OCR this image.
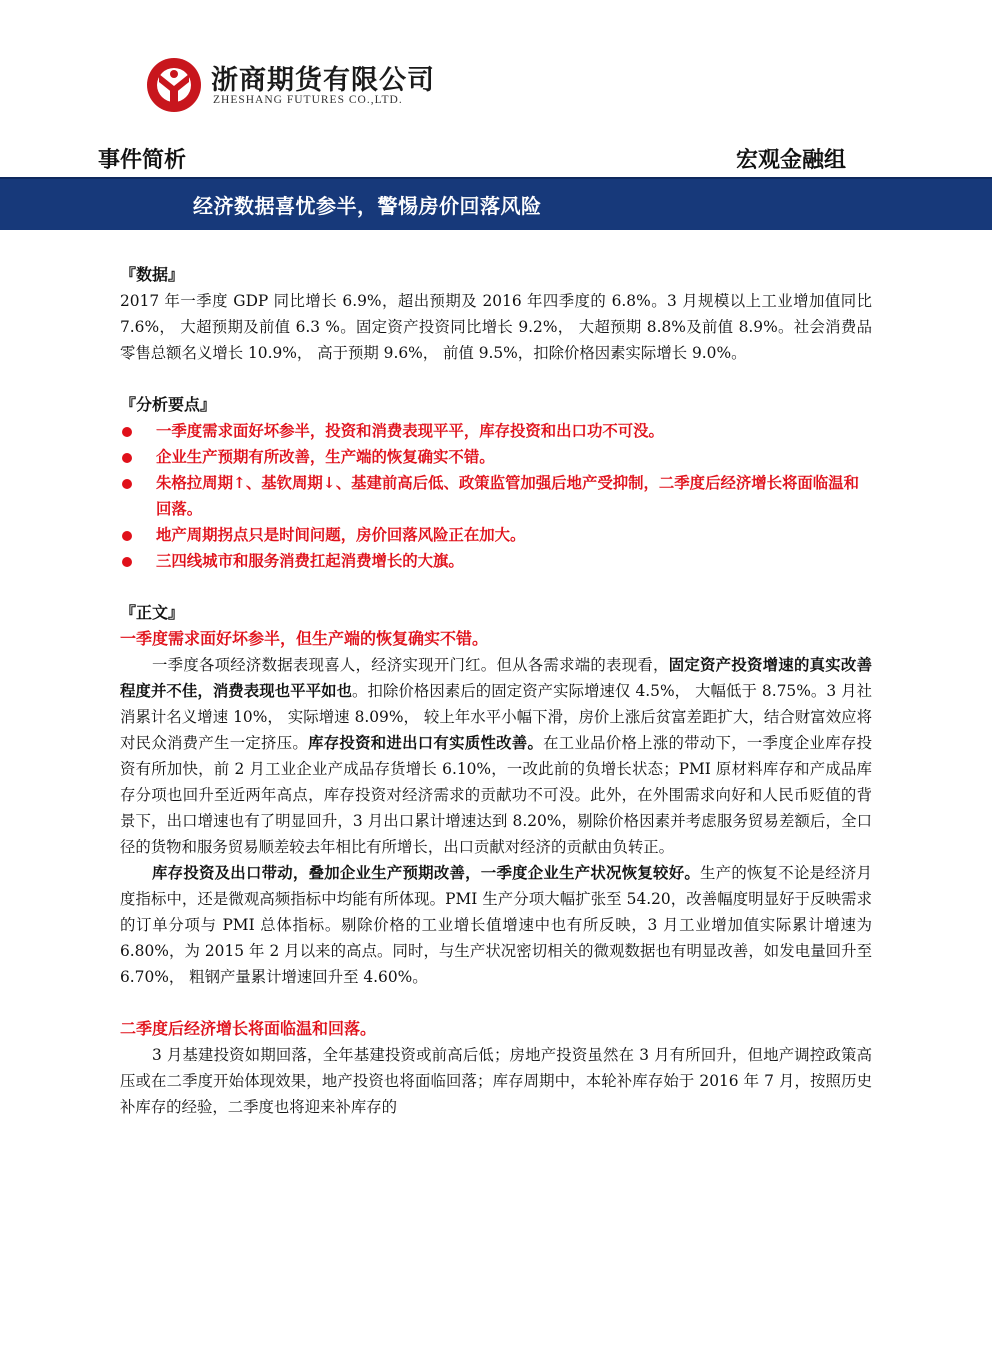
浙商期货有限公司
ZHESHANG FUTURES CO.,LTD.
事件简析	宏观金融组
经济数据喜忧参半，警惕房价回落风险
『数据』

2017 年一季度 GDP 同比增长 6.9%，超出预期及 2016 年四季度的 6.8%。3 月规模以上工业增加值同比 7.6%， 大超预期及前值 6.3 %。固定资产投资同比增长 9.2%， 大超预期 8.8%及前值 8.9%。社会消费品零售总额名义增长 10.9%， 高于预期 9.6%， 前值 9.5%，扣除价格因素实际增长 9.0%。

『分析要点』
一季度需求面好坏参半，投资和消费表现平平，库存投资和出口功不可没。
企业生产预期有所改善，生产端的恢复确实不错。
朱格拉周期↑、基钦周期↓、基建前高后低、政策监管加强后地产受抑制，二季度后经济增长将面临温和回落。
地产周期拐点只是时间问题，房价回落风险正在加大。
三四线城市和服务消费扛起消费增长的大旗。
『正文』
一季度需求面好坏参半，但生产端的恢复确实不错。

一季度各项经济数据表现喜人，经济实现开门红。但从各需求端的表现看，固定资产投资增速的真实改善程度并不佳，消费表现也平平如也。扣除价格因素后的固定资产实际增速仅 4.5%， 大幅低于 8.75%。3 月社消累计名义增速 10%， 实际增速 8.09%， 较上年水平小幅下滑，房价上涨后贫富差距扩大，结合财富效应将对民众消费产生一定挤压。库存投资和进出口有实质性改善。在工业品价格上涨的带动下，一季度企业库存投资有所加快，前 2 月工业企业产成品存货增长 6.10%，一改此前的负增长状态；PMI 原材料库存和产成品库存分项也回升至近两年高点，库存投资对经济需求的贡献功不可没。此外，在外围需求向好和人民币贬值的背景下，出口增速也有了明显回升，3 月出口累计增速达到 8.20%，剔除价格因素并考虑服务贸易差额后，全口径的货物和服务贸易顺差较去年相比有所增长，出口贡献对经济的贡献由负转正。

库存投资及出口带动，叠加企业生产预期改善，一季度企业生产状况恢复较好。生产的恢复不论是经济月度指标中，还是微观高频指标中均能有所体现。PMI 生产分项大幅扩张至 54.20，改善幅度明显好于反映需求的订单分项与 PMI 总体指标。剔除价格的工业增长值增速中也有所反映，3 月工业增加值实际累计增速为 6.80%，为 2015 年 2 月以来的高点。同时，与生产状况密切相关的微观数据也有明显改善，如发电量回升至 6.70%， 粗钢产量累计增速回升至 4.60%。

二季度后经济增长将面临温和回落。

3 月基建投资如期回落，全年基建投资或前高后低；房地产投资虽然在 3 月有所回升，但地产调控政策高压或在二季度开始体现效果，地产投资也将面临回落；库存周期中，本轮补库存始于 2016 年 7 月，按照历史补库存的经验，二季度也将迎来补库存的
